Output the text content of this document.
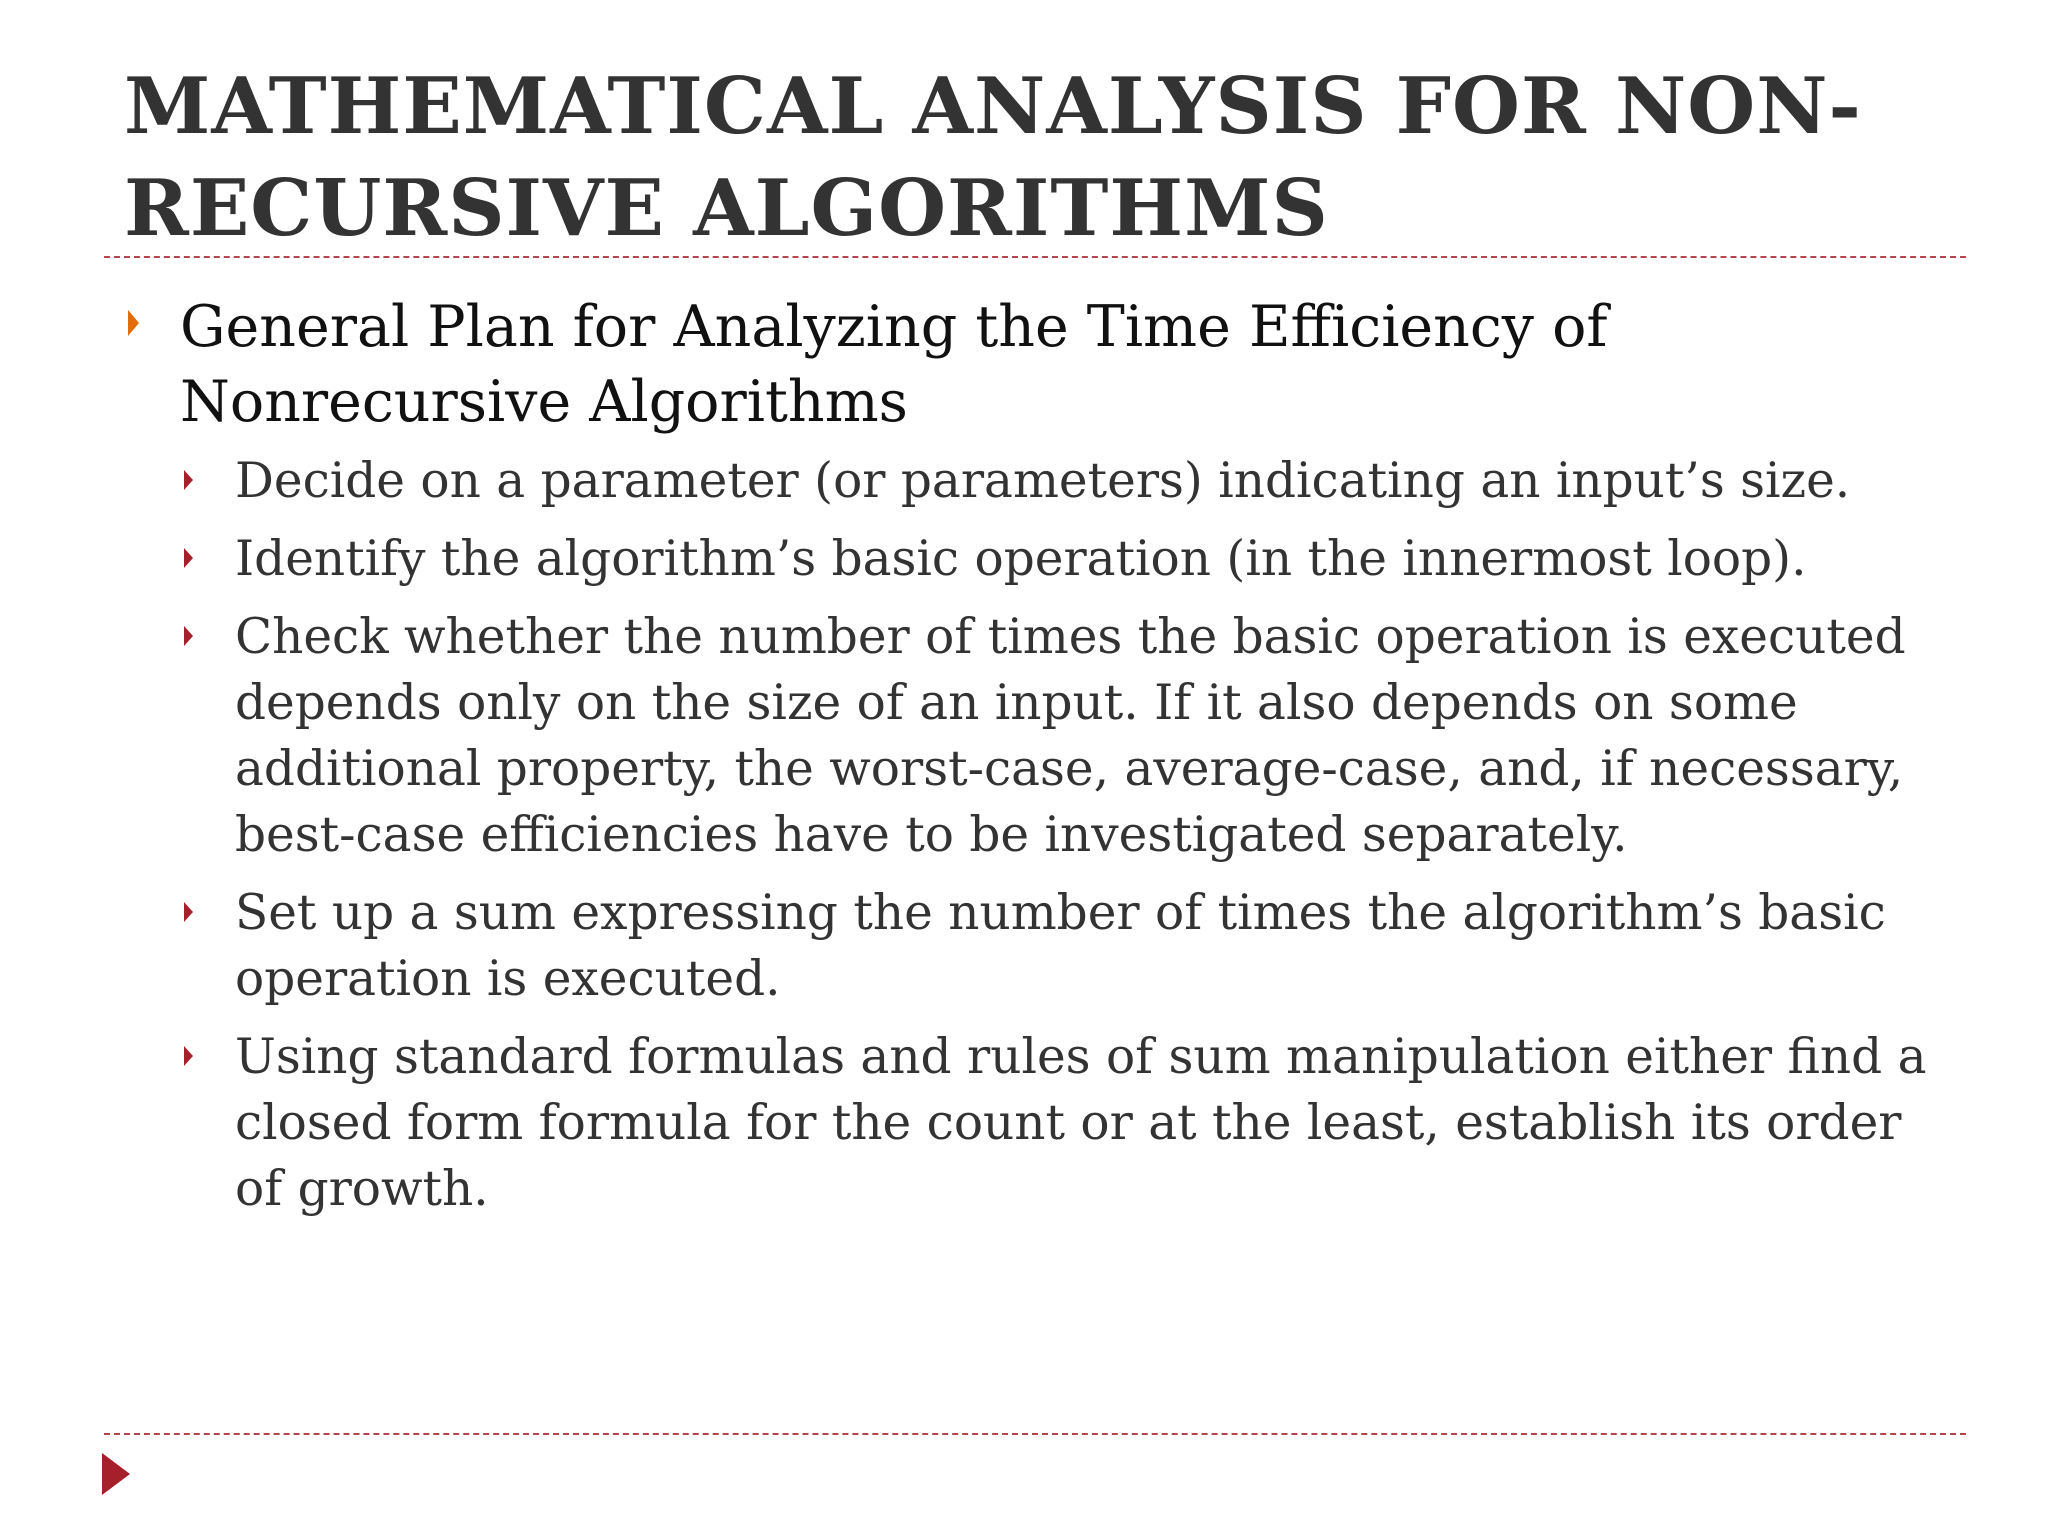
MATHEMATICAL ANALYSIS FOR NON-RECURSIVE ALGORITHMS
General Plan for Analyzing the Time Efficiency of Nonrecursive Algorithms
Decide on a parameter (or parameters) indicating an input’s size.
Identify the algorithm’s basic operation (in the innermost loop).
Check whether the number of times the basic operation is executed depends only on the size of an input. If it also depends on some additional property, the worst-case, average-case, and, if necessary, best-case efficiencies have to be investigated separately.
Set up a sum expressing the number of times the algorithm’s basic operation is executed.
Using standard formulas and rules of sum manipulation either find a closed form formula for the count or at the least, establish its order of growth.
